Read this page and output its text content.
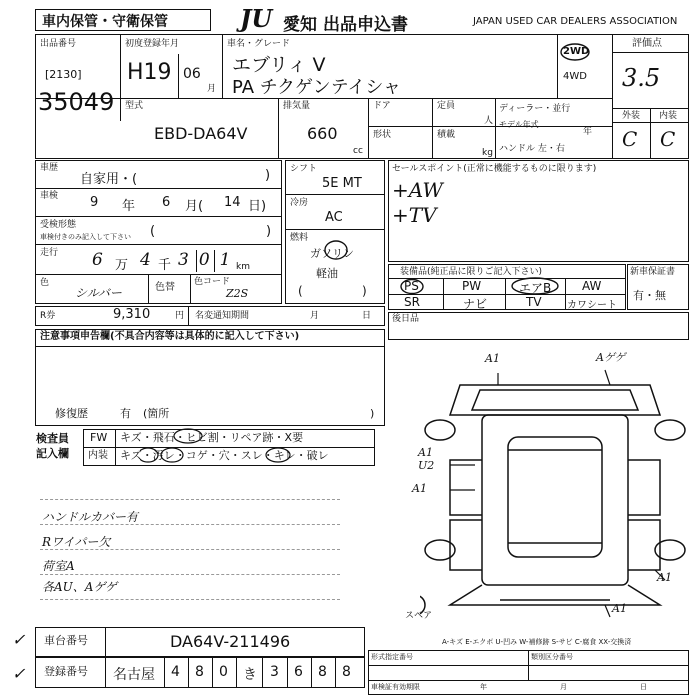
車内保管・守衛保管	JU 愛知 出品申込書	JAPAN USED CAR DEALERS ASSOCIATION
出品番号
[2130]
35049
初度登録年月
H19 06
月
車名・グレード
エブリィ V
PA チクゲンテイシャ
2WD
4WD
評価点
3.5
型式
EBD-DA64V
排気量
660
cc
ドア
形状
定員
人
積載
kg
ディーラー・並行
モデル年式
年
ハンドル 左・右
外装 内装
C C
車歴
自家用・(	)
車検 9 年 6 月( 14 日)
受検形態
車検付きのみ記入して下さい (	)
走行 6 万 4 千 301
km
色
シルバー	色替 色コード
Z2S
シフト
5E MT
冷房
AC
燃料
ガソリン
軽油
(	)
セールスポイント(正常に機能するものに限ります)
+AW
+TV
装備品(純正品に限りご記入下さい)
PS	PW	エアB	AW
SR	ナビ	TV	カワシート
新車保証書
有・無
R券	9,310	円 名変通知期間	月	日 後日品
注意事項申告欄(不具合内容等は具体的に記入して下さい)
修復歴	有 (箇所	)
検査員
記入欄
FW キズ・飛石・ヒビ割・リペア跡・X要
内装 キズ・汚レ・コゲ・穴・スレ・キレ・破レ
ハンドルカバー有
Rワイパー欠
荷室A
各AU、Aゲゲ
A1	Aゲゲ
A1
U2
A1
A1
A1
スペア
A-キズ E-エクボ U-凹み W-補修跡 S-サビ C-腐食 XX-交換済
車台番号	DA64V-211496
登録番号 名古屋 4 8 0 き 3 6 8 8
✓
✓
形式指定番号	類別区分番号
車検証有効期限	年	月	日
